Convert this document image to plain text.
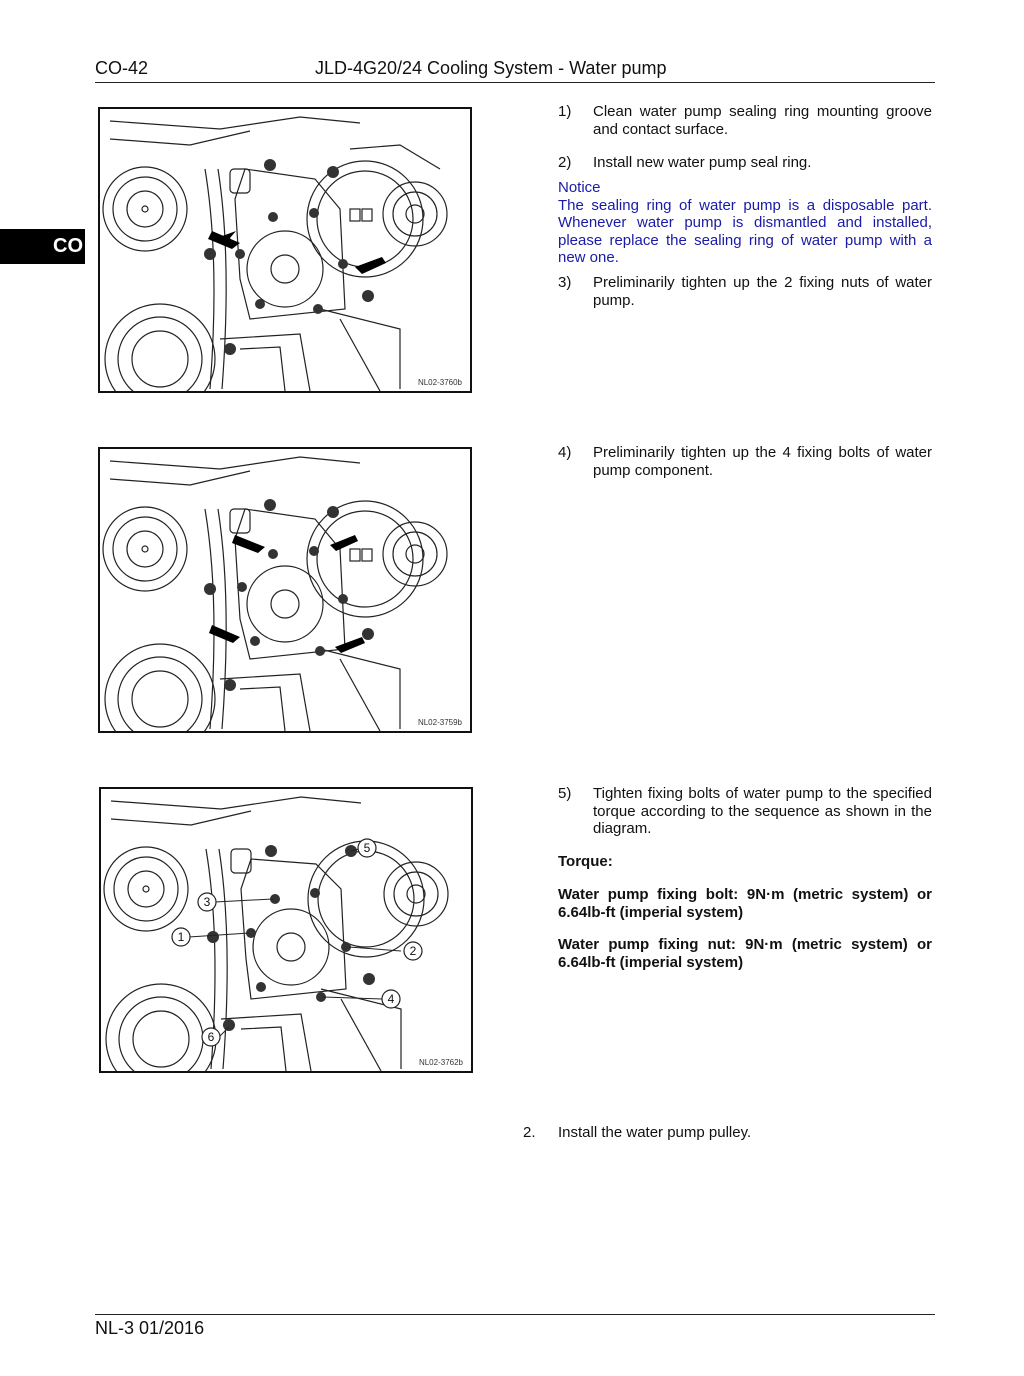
CO-42	JLD-4G20/24 Cooling System - Water pump
CO
NL02-3760b
NL02-3759b
1
2
3
4
5
6
NL02-3762b
1) Clean water pump sealing ring mounting groove and contact surface.
2) Install new water pump seal ring.
Notice
The sealing ring of water pump is a disposable part. Whenever water pump is dismantled and installed, please replace the sealing ring of water pump with a new one.
3) Preliminarily tighten up the 2 fixing nuts of water pump.
4) Preliminarily tighten up the 4 fixing bolts of water pump component.
5) Tighten fixing bolts of water pump to the specified torque according to the sequence as shown in the diagram.
Torque:
Water pump fixing bolt: 9N·m (metric system) or 6.64lb-ft (imperial system)
Water pump fixing nut: 9N·m (metric system) or 6.64lb-ft (imperial system)
2. Install the water pump pulley.
NL-3 01/2016
